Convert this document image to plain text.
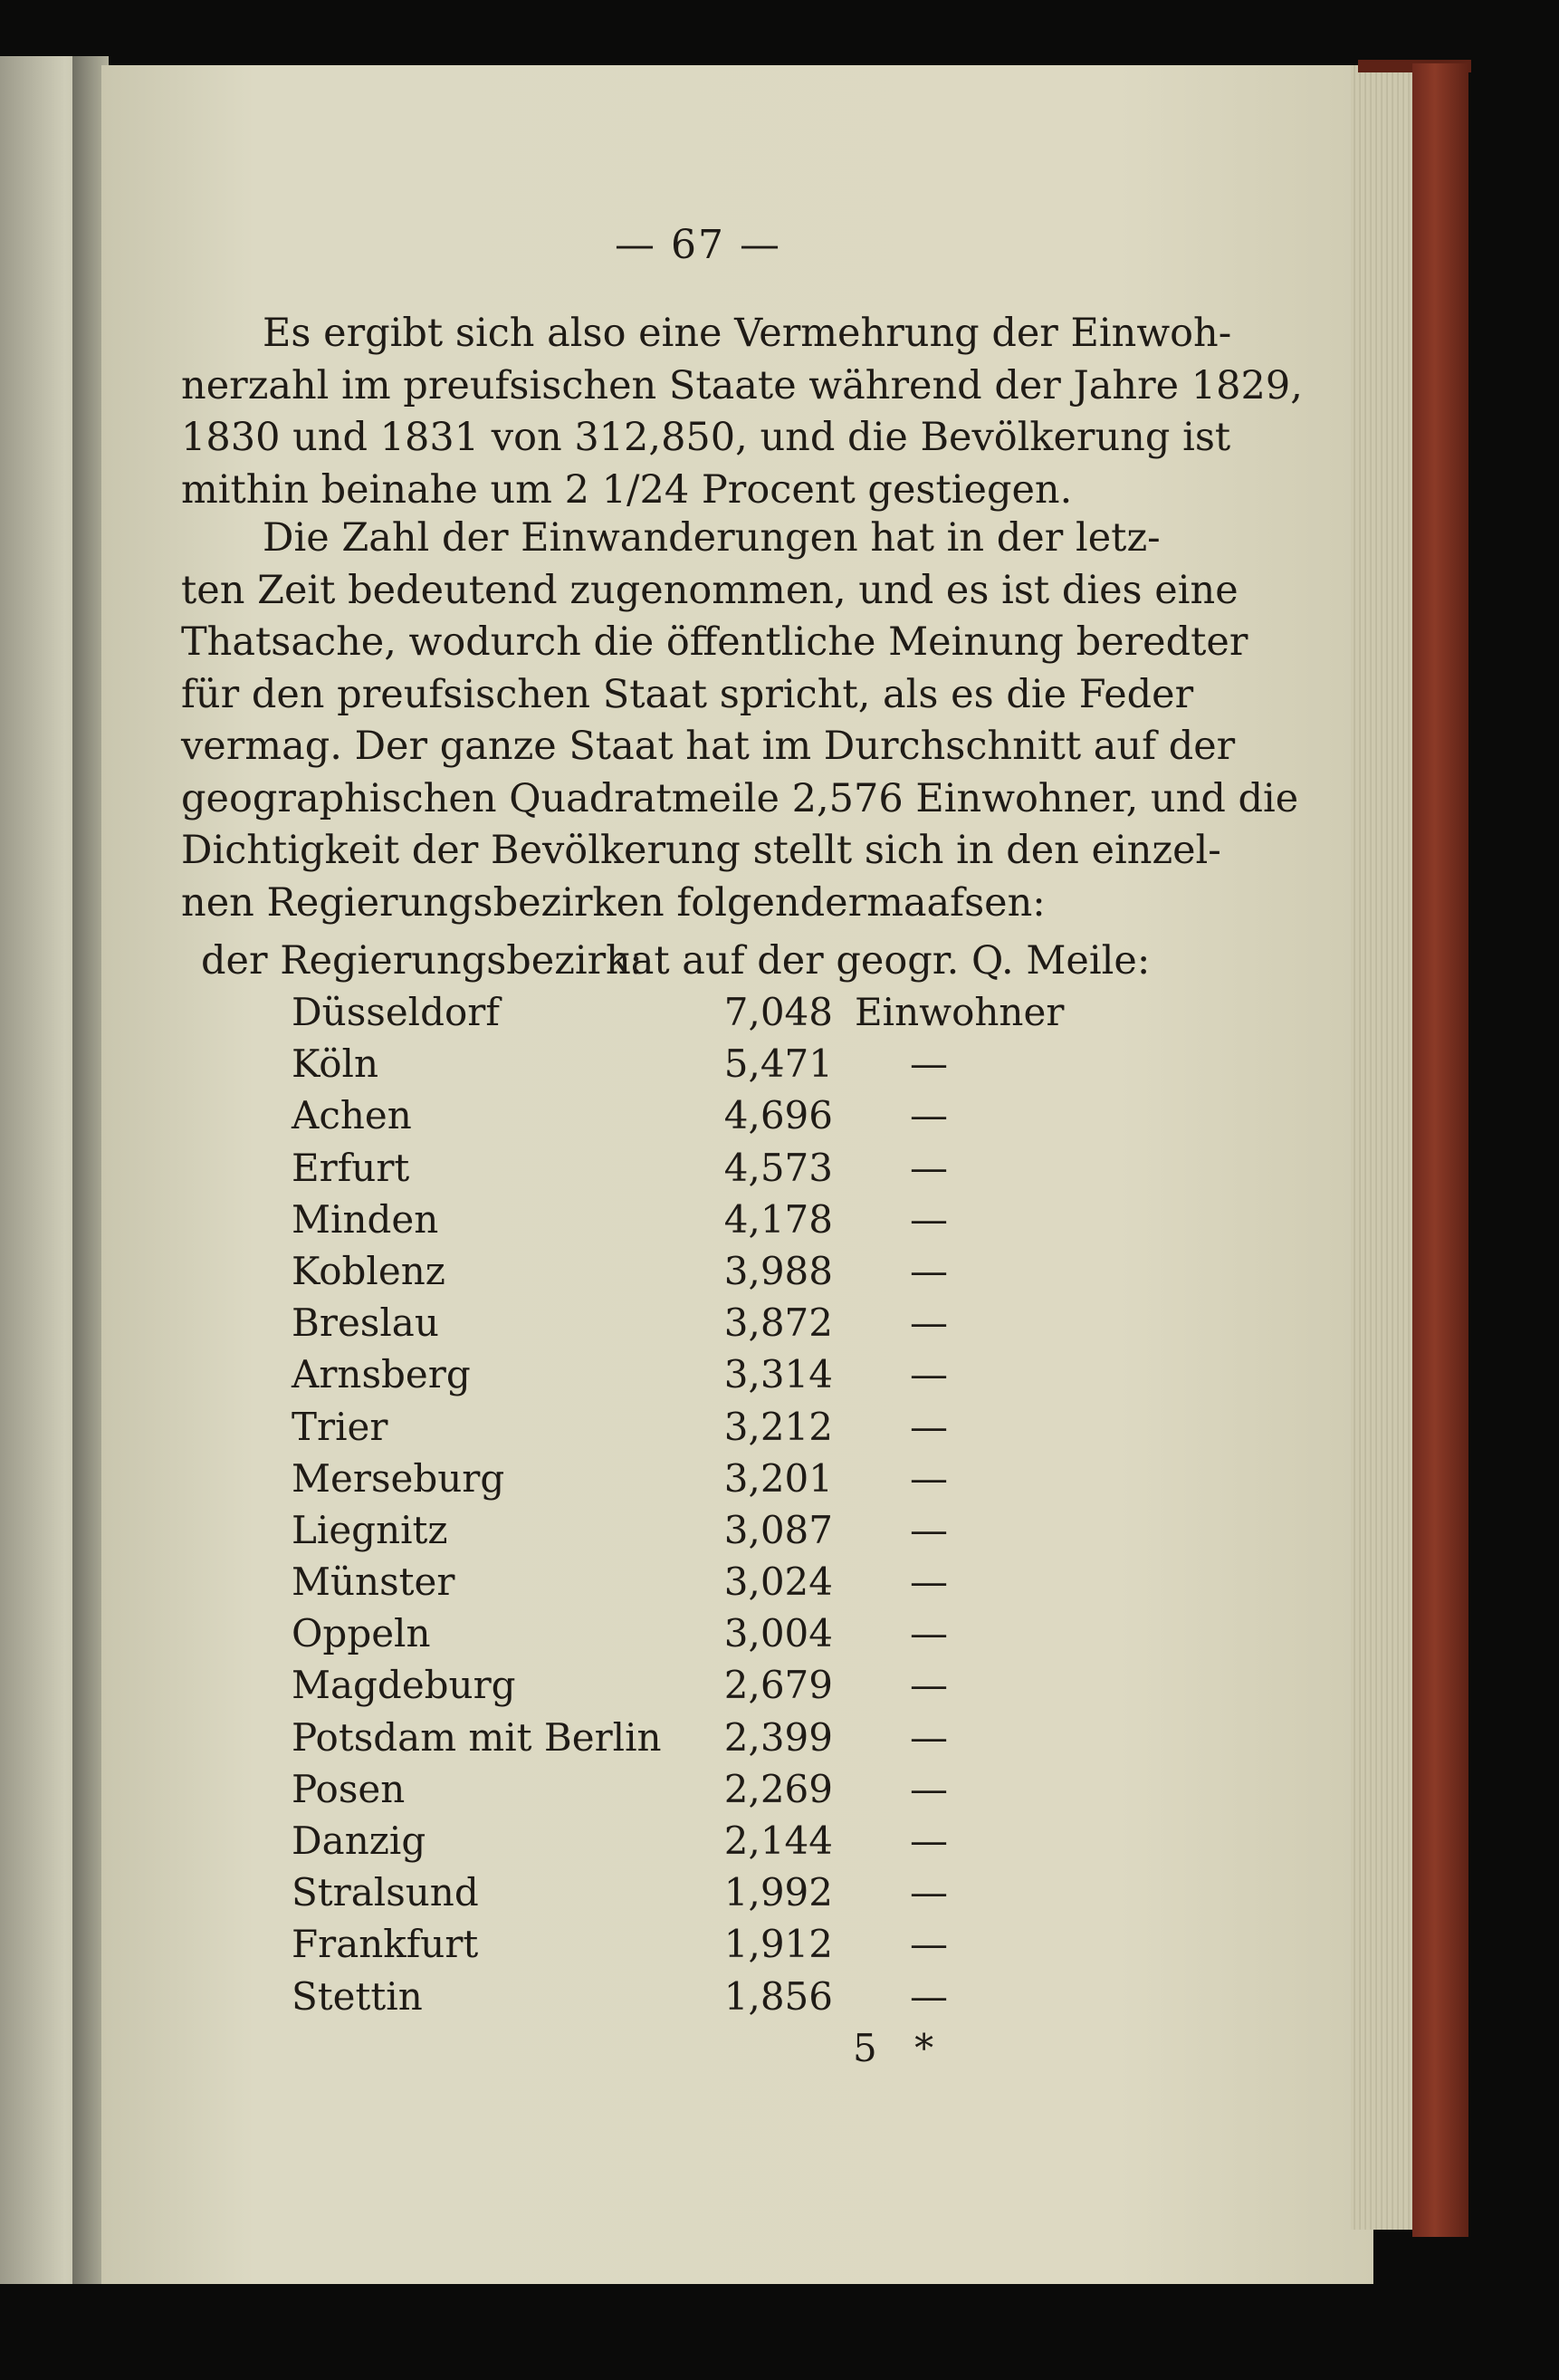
— 67 —
Es ergibt sich also eine Vermehrung der Einwoh-
nerzahl im preufsischen Staate während der Jahre 1829,
1830 und 1831 von 312,850, und die Bevölkerung ist
mithin beinahe um 2 1/24 Procent gestiegen.
Die Zahl der Einwanderungen hat in der letz-
ten Zeit bedeutend zugenommen, und es ist dies eine
Thatsache, wodurch die öffentliche Meinung beredter
für den preufsischen Staat spricht, als es die Feder
vermag. Der ganze Staat hat im Durchschnitt auf der
geographischen Quadratmeile 2,576 Einwohner, und die
Dichtigkeit der Bevölkerung stellt sich in den einzel-
nen Regierungsbezirken folgendermaafsen:
der Regierungsbezirk:
hat auf der geogr. Q. Meile:
Düsseldorf	7,048 Einwohner
Köln	5,471 —
Achen	4,696 —
Erfurt	4,573 —
Minden	4,178 —
Koblenz	3,988 —
Breslau	3,872 —
Arnsberg	3,314 —
Trier	3,212 —
Merseburg	3,201 —
Liegnitz	3,087 —
Münster	3,024 —
Oppeln	3,004 —
Magdeburg	2,679 —
Potsdam mit Berlin	2,399 —
Posen	2,269 —
Danzig	2,144 —
Stralsund	1,992 —
Frankfurt	1,912 —
Stettin	1,856 —
5 *
